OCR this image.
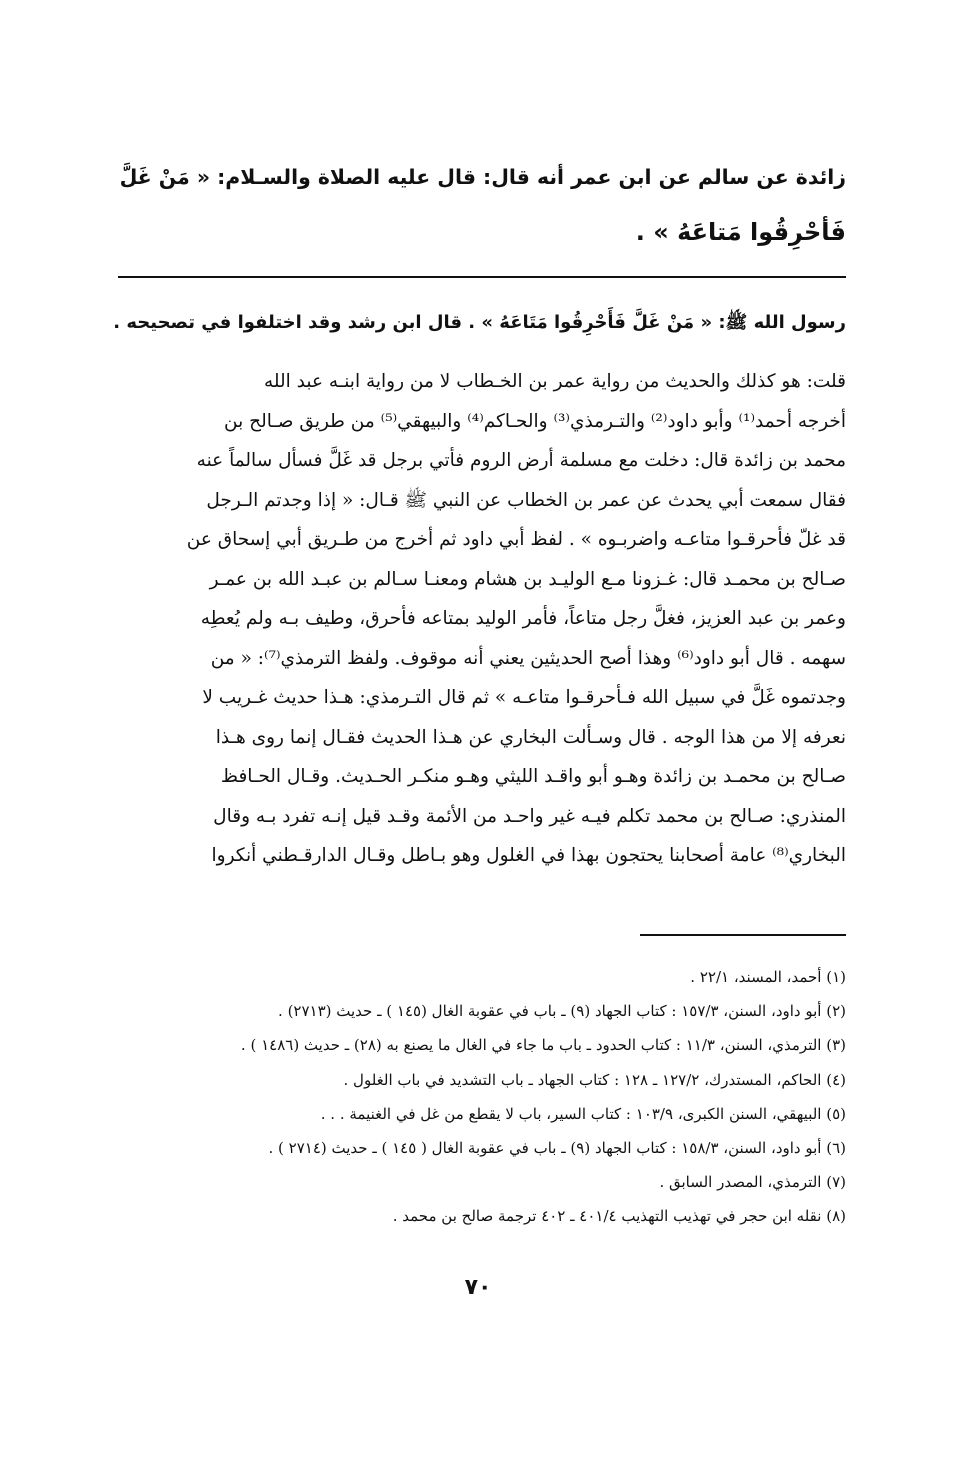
زائدة عن سالم عن ابن عمر أنه قال: قال عليه الصلاة والسـلام: « مَنْ غَلَّ
فَأحْرِقُوا مَتاعَهُ » .
رسول الله ﷺ: « مَنْ غَلَّ فَأَحْرِقُوا مَتَاعَهُ » . قال ابن رشد وقد اختلفوا في تصحيحه .
قلت: هو كذلك والحديث من رواية عمر بن الخـطاب لا من رواية ابنـه عبد الله
أخرجه أحمد⁽¹⁾ وأبو داود⁽²⁾ والتـرمذي⁽³⁾ والحـاكم⁽⁴⁾ والبيهقي⁽⁵⁾ من طريق صـالح بن
محمد بن زائدة قال: دخلت مع مسلمة أرض الروم فأتي برجل قد غَلَّ فسأل سالماً عنه
فقال سمعت أبي يحدث عن عمر بن الخطاب عن النبي ﷺ قـال: « إذا وجدتم الـرجل
قد غلّ فأحرقـوا متاعـه واضربـوه » . لفظ أبي داود ثم أخرج من طـريق أبي إسحاق عن
صـالح بن محمـد قال: غـزونا مـع الوليـد بن هشام ومعنـا سـالم بن عبـد الله بن عمـر
وعمر بن عبد العزيز، فغلَّ رجل متاعاً، فأمر الوليد بمتاعه فأحرق، وطيف بـه ولم يُعطِه
سهمه . قال أبو داود⁽⁶⁾ وهذا أصح الحديثين يعني أنه موقوف. ولفظ الترمذي⁽⁷⁾: « من
وجدتموه غَلَّ في سبيل الله فـأحرقـوا متاعـه » ثم قال التـرمذي: هـذا حديث غـريب لا
نعرفه إلا من هذا الوجه . قال وسـألت البخاري عن هـذا الحديث فقـال إنما روى هـذا
صـالح بن محمـد بن زائدة وهـو أبو واقـد الليثي وهـو منكـر الحـديث. وقـال الحـافظ
المنذري: صـالح بن محمد تكلم فيـه غير واحـد من الأئمة وقـد قيل إنـه تفرد بـه وقال
البخاري⁽⁸⁾ عامة أصحابنا يحتجون بهذا في الغلول وهو بـاطل وقـال الدارقـطني أنكروا
(١) أحمد، المسند، ٢٢/١ .
(٢) أبو داود، السنن، ١٥٧/٣ : كتاب الجهاد (٩) ـ باب في عقوبة الغال (١٤٥ ) ـ حديث (٢٧١٣) .
(٣) الترمذي، السنن، ١١/٣ : كتاب الحدود ـ باب ما جاء في الغال ما يصنع به (٢٨) ـ حديث (١٤٨٦ ) .
(٤) الحاكم، المستدرك، ١٢٧/٢ ـ ١٢٨ : كتاب الجهاد ـ باب التشديد في باب الغلول .
(٥) البيهقي، السنن الكبرى، ١٠٣/٩ : كتاب السير، باب لا يقطع من غل في الغنيمة . . .
(٦) أبو داود، السنن، ١٥٨/٣ : كتاب الجهاد (٩) ـ باب في عقوبة الغال ( ١٤٥ ) ـ حديث (٢٧١٤ ) .
(٧) الترمذي، المصدر السابق .
(٨) نقله ابن حجر في تهذيب التهذيب ٤٠١/٤ ـ ٤٠٢ ترجمة صالح بن محمد .
٧٠
